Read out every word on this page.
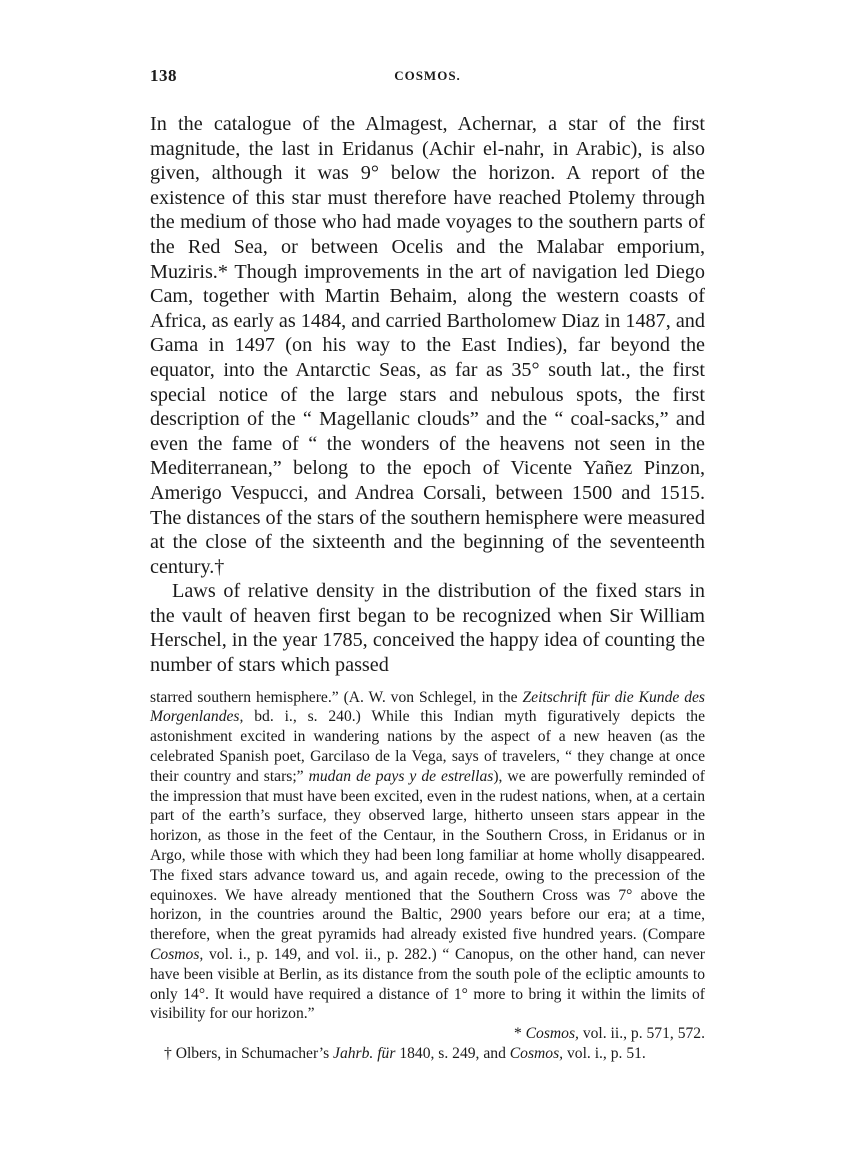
138	COSMOS.

In the catalogue of the Almagest, Achernar, a star of the first magnitude, the last in Eridanus (Achir el-nahr, in Arabic), is also given, although it was 9° below the horizon. A report of the existence of this star must therefore have reached Ptolemy through the medium of those who had made voyages to the southern parts of the Red Sea, or between Ocelis and the Malabar emporium, Muziris.* Though improvements in the art of navigation led Diego Cam, together with Martin Behaim, along the western coasts of Africa, as early as 1484, and carried Bartholomew Diaz in 1487, and Gama in 1497 (on his way to the East Indies), far beyond the equator, into the Antarctic Seas, as far as 35° south lat., the first special notice of the large stars and nebulous spots, the first description of the “ Magellanic clouds” and the “ coal-sacks,” and even the fame of “ the wonders of the heavens not seen in the Mediterranean,” belong to the epoch of Vicente Yañez Pinzon, Amerigo Vespucci, and Andrea Corsali, between 1500 and 1515. The distances of the stars of the southern hemisphere were measured at the close of the sixteenth and the beginning of the seventeenth century.†

Laws of relative density in the distribution of the fixed stars in the vault of heaven first began to be recognized when Sir William Herschel, in the year 1785, conceived the happy idea of counting the number of stars which passed

starred southern hemisphere.” (A. W. von Schlegel, in the Zeitschrift für die Kunde des Morgenlandes, bd. i., s. 240.) While this Indian myth figuratively depicts the astonishment excited in wandering nations by the aspect of a new heaven (as the celebrated Spanish poet, Garcilaso de la Vega, says of travelers, “ they change at once their country and stars;” mudan de pays y de estrellas), we are powerfully reminded of the impression that must have been excited, even in the rudest nations, when, at a certain part of the earth’s surface, they observed large, hitherto unseen stars appear in the horizon, as those in the feet of the Centaur, in the Southern Cross, in Eridanus or in Argo, while those with which they had been long familiar at home wholly disappeared. The fixed stars advance toward us, and again recede, owing to the precession of the equinoxes. We have already mentioned that the Southern Cross was 7° above the horizon, in the countries around the Baltic, 2900 years before our era; at a time, therefore, when the great pyramids had already existed five hundred years. (Compare Cosmos, vol. i., p. 149, and vol. ii., p. 282.) “ Canopus, on the other hand, can never have been visible at Berlin, as its distance from the south pole of the ecliptic amounts to only 14°. It would have required a distance of 1° more to bring it within the limits of visibility for our horizon.”

* Cosmos, vol. ii., p. 571, 572.

† Olbers, in Schumacher’s Jahrb. für 1840, s. 249, and Cosmos, vol. i., p. 51.
